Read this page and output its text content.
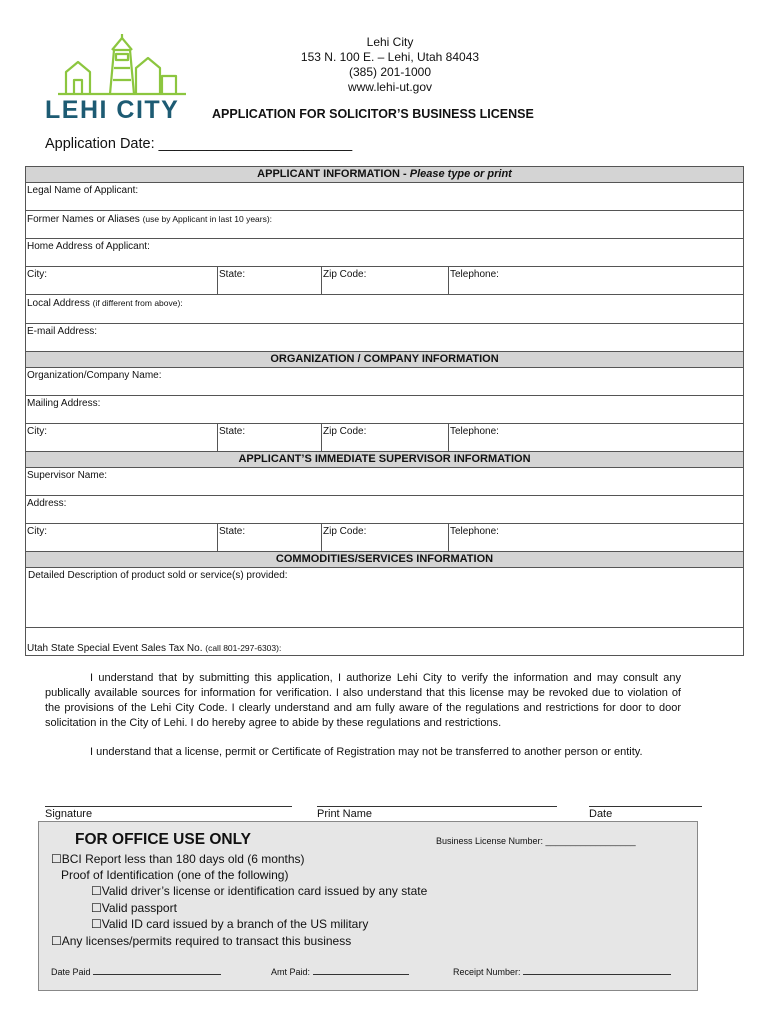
LEHI CITY
Lehi City
153 N. 100 E. – Lehi, Utah 84043
(385) 201-1000
www.lehi-ut.gov
APPLICATION FOR SOLICITOR’S BUSINESS LICENSE
Application Date: ________________________
APPLICANT INFORMATION - Please type or print
Legal Name of Applicant:
Former Names or Aliases (use by Applicant in last 10 years):
Home Address of Applicant:
City:	State:	Zip Code:	Telephone:
Local Address (if different from above):
E-mail Address:
ORGANIZATION / COMPANY INFORMATION
Organization/Company Name:
Mailing Address:
City:	State:	Zip Code:	Telephone:
APPLICANT’S IMMEDIATE SUPERVISOR INFORMATION
Supervisor Name:
Address:
City:	State:	Zip Code:	Telephone:
COMMODITIES/SERVICES INFORMATION
Detailed Description of product sold or service(s) provided:
Utah State Special Event Sales Tax No. (call 801-297-6303):
I understand that by submitting this application, I authorize Lehi City to verify the information and may consult any publically available sources for information for verification. I also understand that this license may be revoked due to violation of the provisions of the Lehi City Code. I clearly understand and am fully aware of the regulations and restrictions for door to door solicitation in the City of Lehi. I do hereby agree to abide by these regulations and restrictions.
I understand that a license, permit or Certificate of Registration may not be transferred to another person or entity.
Signature	Print Name	Date
FOR OFFICE USE ONLY	Business License Number: __________________
☐BCI Report less than 180 days old (6 months)
Proof of Identification (one of the following)
☐Valid driver’s license or identification card issued by any state
☐Valid passport
☐Valid ID card issued by a branch of the US military
☐Any licenses/permits required to transact this business
Date Paid	Amt Paid:	Receipt Number:
